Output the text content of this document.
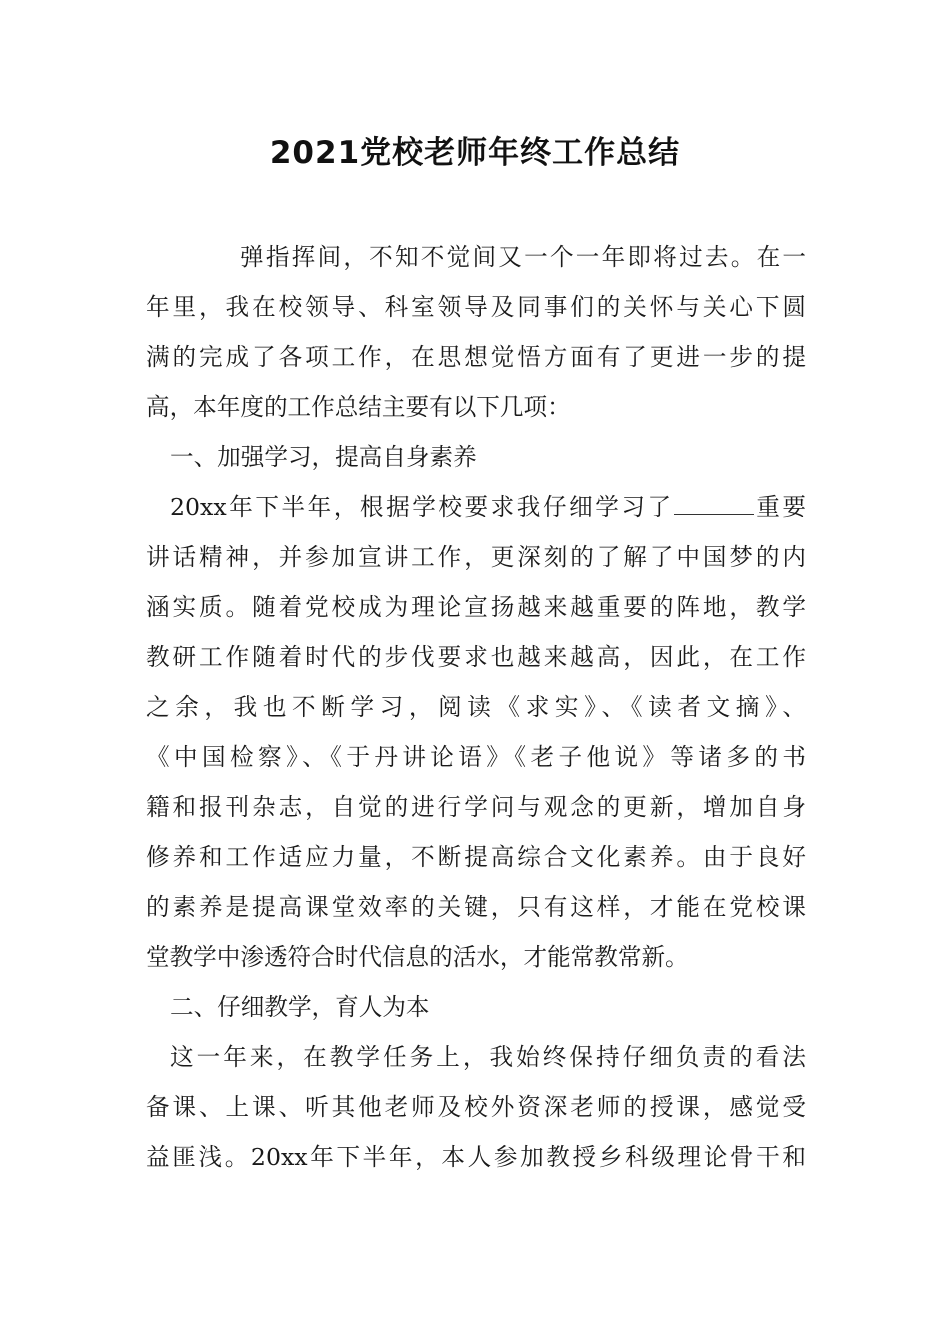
2021党校老师年终工作总结
弹指挥间，不知不觉间又一个一年即将过去。在一
年里，我在校领导、科室领导及同事们的关怀与关心下圆
满的完成了各项工作，在思想觉悟方面有了更进一步的提
高，本年度的工作总结主要有以下几项：
一、加强学习，提高自身素养
20xx年下半年，根据学校要求我仔细学习了	重要
讲话精神，并参加宣讲工作，更深刻的了解了中国梦的内
涵实质。随着党校成为理论宣扬越来越重要的阵地，教学
教研工作随着时代的步伐要求也越来越高，因此，在工作
之余，我也不断学习，阅读《求实》、《读者文摘》、
《中国检察》、《于丹讲论语》《老子他说》等诸多的书
籍和报刊杂志，自觉的进行学问与观念的更新，增加自身
修养和工作适应力量，不断提高综合文化素养。由于良好
的素养是提高课堂效率的关键，只有这样，才能在党校课
堂教学中渗透符合时代信息的活水，才能常教常新。
二、仔细教学，育人为本
这一年来，在教学任务上，我始终保持仔细负责的看法
备课、上课、听其他老师及校外资深老师的授课，感觉受
益匪浅。20xx年下半年，本人参加教授乡科级理论骨干和
